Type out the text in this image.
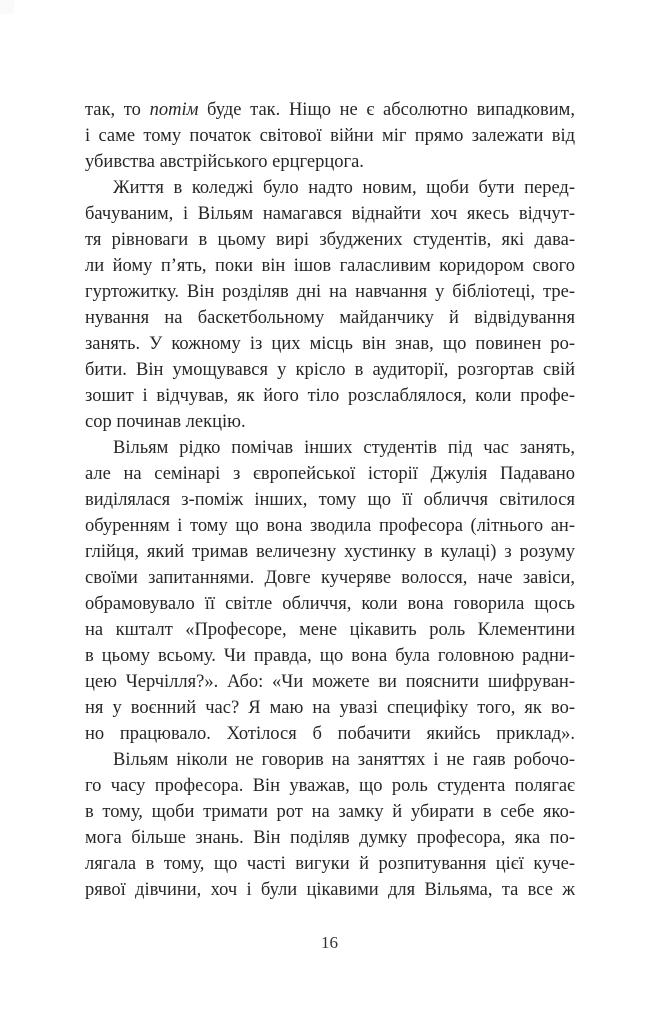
так, то потім буде так. Ніщо не є абсолютно випадковим,
і саме тому початок світової війни міг прямо залежати від
убивства австрійського ерцгерцога.
Життя в коледжі було надто новим, щоби бути перед-
бачуваним, і Вільям намагався віднайти хоч якесь відчут-
тя рівноваги в цьому вирі збуджених студентів, які дава-
ли йому п’ять, поки він ішов галасливим коридором свого
гуртожитку. Він розділяв дні на навчання у бібліотеці, тре-
нування на баскетбольному майданчику й відвідування
занять. У кожному із цих місць він знав, що повинен ро-
бити. Він умощувався у крісло в аудиторії, розгортав свій
зошит і відчував, як його тіло розслаблялося, коли профе-
сор починав лекцію.
Вільям рідко помічав інших студентів під час занять,
але на семінарі з європейської історії Джулія Падавано
виділялася з-поміж інших, тому що її обличчя світилося
обуренням і тому що вона зводила професора (літнього ан-
глійця, який тримав величезну хустинку в кулаці) з розуму
своїми запитаннями. Довге кучеряве волосся, наче завіси,
обрамовувало її світле обличчя, коли вона говорила щось
на кшталт «Професоре, мене цікавить роль Клементини
в цьому всьому. Чи правда, що вона була головною радни-
цею Черчілля?». Або: «Чи можете ви пояснити шифруван-
ня у воєнний час? Я маю на увазі специфіку того, як во-
но працювало. Хотілося б побачити якийсь приклад».
Вільям ніколи не говорив на заняттях і не гаяв робочо-
го часу професора. Він уважав, що роль студента полягає
в тому, щоби тримати рот на замку й убирати в себе яко-
мога більше знань. Він поділяв думку професора, яка по-
лягала в тому, що часті вигуки й розпитування цієї куче-
рявої дівчини, хоч і були цікавими для Вільяма, та все ж
16
